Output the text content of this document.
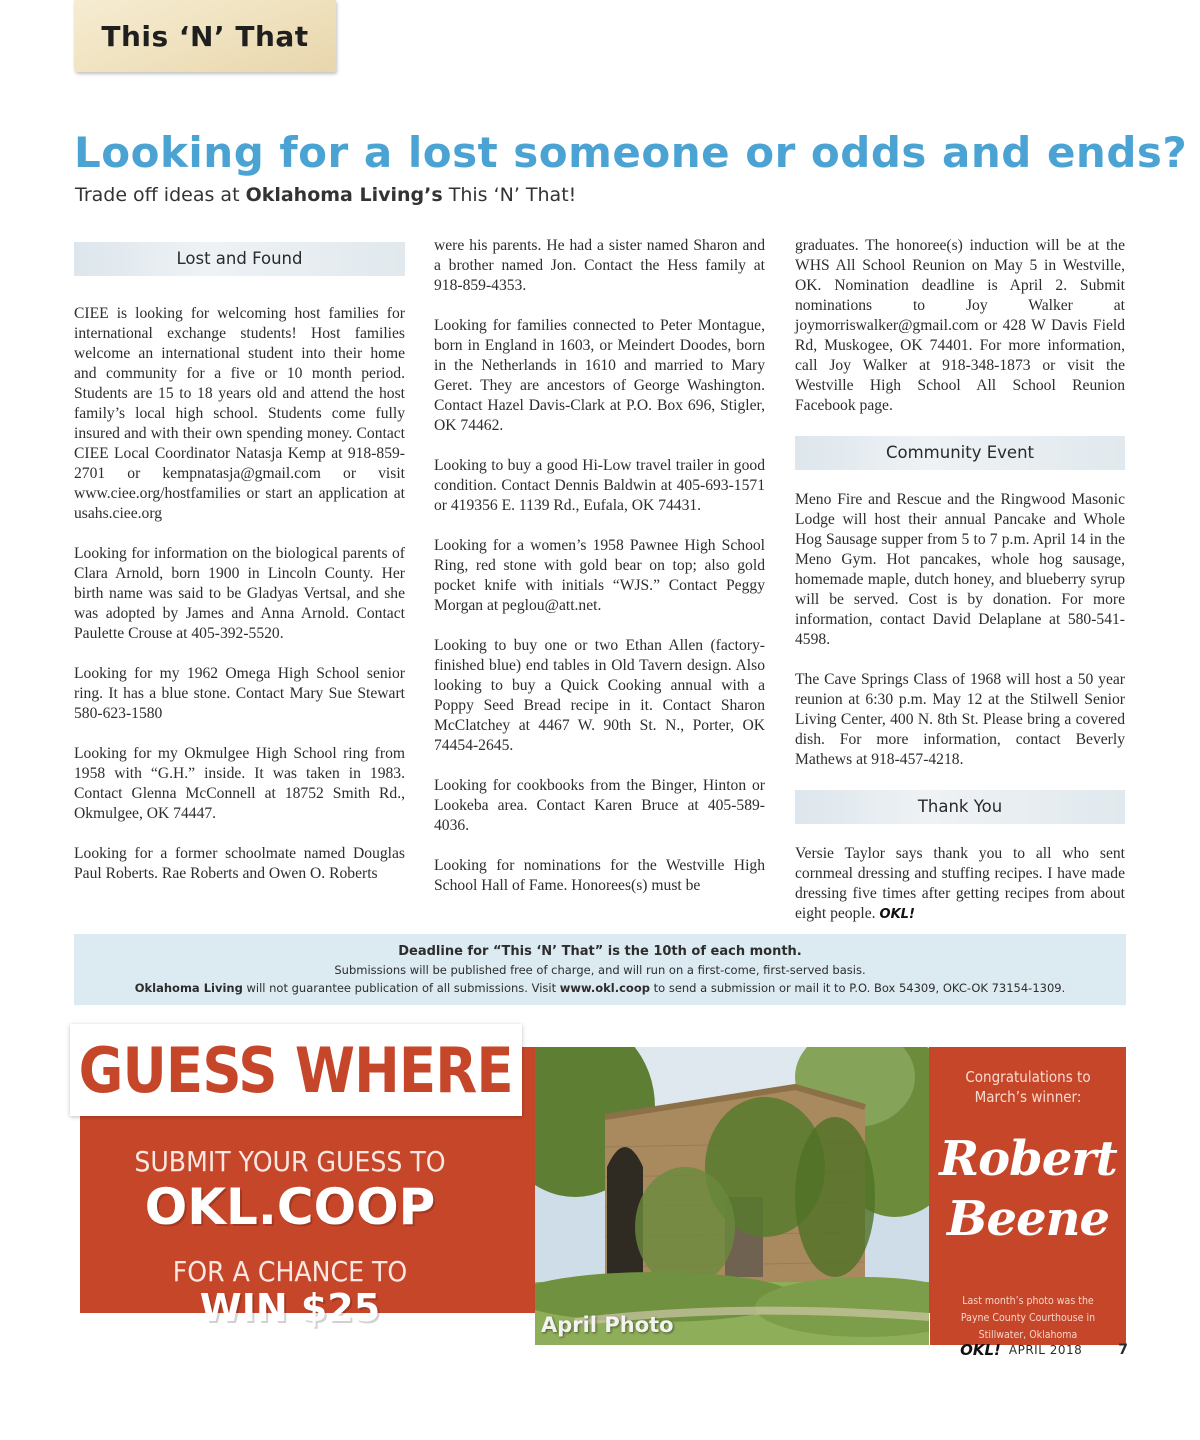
This ‘N’ That
Looking for a lost someone or odds and ends?
Trade off ideas at Oklahoma Living’s This ‘N’ That!
Lost and Found

CIEE is looking for welcoming host families for international exchange students! Host families welcome an international student into their home and community for a five or 10 month period. Students are 15 to 18 years old and attend the host family’s local high school. Students come fully insured and with their own spending money. Contact CIEE Local Coordinator Natasja Kemp at 918-859-2701 or kempnatasja@gmail.com or visit www.ciee.org/hostfamilies or start an application at usahs.ciee.org

Looking for information on the biological parents of Clara Arnold, born 1900 in Lincoln County. Her birth name was said to be Gladyas Vertsal, and she was adopted by James and Anna Arnold. Contact Paulette Crouse at 405-392-5520.

Looking for my 1962 Omega High School senior ring. It has a blue stone. Contact Mary Sue Stewart 580-623-1580

Looking for my Okmulgee High School ring from 1958 with “G.H.” inside. It was taken in 1983. Contact Glenna McConnell at 18752 Smith Rd., Okmulgee, OK 74447.

Looking for a former schoolmate named Douglas Paul Roberts. Rae Roberts and Owen O. Roberts

were his parents. He had a sister named Sharon and a brother named Jon. Contact the Hess family at 918-859-4353.

Looking for families connected to Peter Montague, born in England in 1603, or Meindert Doodes, born in the Netherlands in 1610 and married to Mary Geret. They are ancestors of George Washington. Contact Hazel Davis-Clark at P.O. Box 696, Stigler, OK 74462.

Looking to buy a good Hi-Low travel trailer in good condition. Contact Dennis Baldwin at 405-693-1571 or 419356 E. 1139 Rd., Eufala, OK 74431.

Looking for a women’s 1958 Pawnee High School Ring, red stone with gold bear on top; also gold pocket knife with initials “WJS.” Contact Peggy Morgan at peglou@att.net.

Looking to buy one or two Ethan Allen (factory-finished blue) end tables in Old Tavern design. Also looking to buy a Quick Cooking annual with a Poppy Seed Bread recipe in it. Contact Sharon McClatchey at 4467 W. 90th St. N., Porter, OK 74454-2645.

Looking for cookbooks from the Binger, Hinton or Lookeba area. Contact Karen Bruce at 405-589-4036.

Looking for nominations for the Westville High School Hall of Fame. Honorees(s) must be

graduates. The honoree(s) induction will be at the WHS All School Reunion on May 5 in Westville, OK. Nomination deadline is April 2. Submit nominations to Joy Walker at joymorriswalker@gmail.com or 428 W Davis Field Rd, Muskogee, OK 74401. For more information, call Joy Walker at 918-348-1873 or visit the Westville High School All School Reunion Facebook page.

Community Event

Meno Fire and Rescue and the Ringwood Masonic Lodge will host their annual Pancake and Whole Hog Sausage supper from 5 to 7 p.m. April 14 in the Meno Gym. Hot pancakes, whole hog sausage, homemade maple, dutch honey, and blueberry syrup will be served. Cost is by donation. For more information, contact David Delaplane at 580-541-4598.

The Cave Springs Class of 1968 will host a 50 year reunion at 6:30 p.m. May 12 at the Stilwell Senior Living Center, 400 N. 8th St. Please bring a covered dish. For more information, contact Beverly Mathews at 918-457-4218.

Thank You

Versie Taylor says thank you to all who sent cornmeal dressing and stuffing recipes. I have made dressing five times after getting recipes from about eight people. OKL!

Deadline for “This ‘N’ That” is the 10th of each month.
Submissions will be published free of charge, and will run on a first-come, first-served basis.
Oklahoma Living will not guarantee publication of all submissions. Visit www.okl.coop to send a submission or mail it to P.O. Box 54309, OKC-OK 73154-1309.
GUESS WHERE
SUBMIT YOUR GUESS TO
OKL.COOP
FOR A CHANCE TO
WIN $25	April Photo
Congratulations to March’s winner:
Robert
Beene
Last month’s photo was the Payne County Courthouse in Stillwater, Oklahoma
OKL! APRIL 2018	7
